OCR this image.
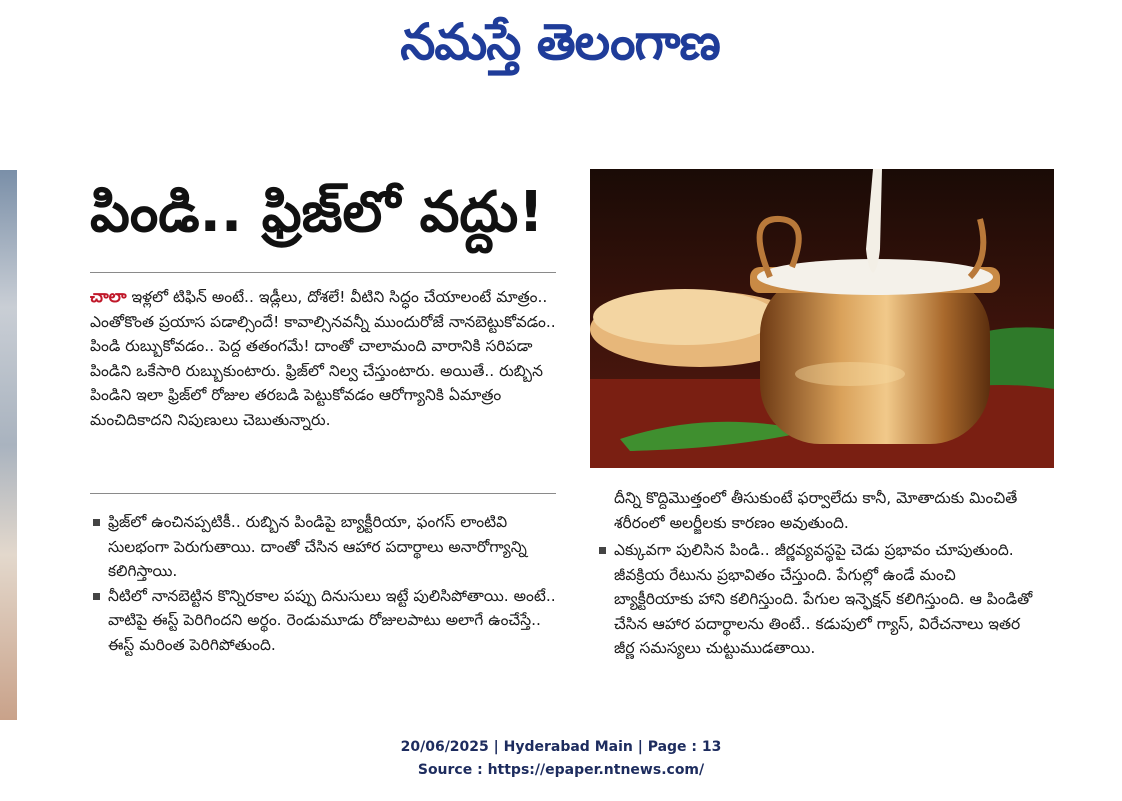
నమస్తే తెలంగాణ
పిండి.. ఫ్రిజ్‌లో వద్దు!
చాలా ఇళ్లలో టిఫిన్ అంటే.. ఇడ్లీలు, దోశలే! వీటిని సిద్ధం చేయాలంటే మాత్రం.. ఎంతోకొంత ప్రయాస పడాల్సిందే! కావాల్సినవన్నీ ముందురోజే నానబెట్టుకోవడం.. పిండి రుబ్బుకోవడం.. పెద్ద తతంగమే! దాంతో చాలామంది వారానికి సరిపడా పిండిని ఒకేసారి రుబ్బుకుంటారు. ఫ్రిజ్‌లో నిల్వ చేస్తుంటారు. అయితే.. రుబ్బిన పిండిని ఇలా ఫ్రిజ్‌లో రోజుల తరబడి పెట్టుకోవడం ఆరోగ్యానికి ఏమాత్రం మంచిదికాదని నిపుణులు చెబుతున్నారు.
ఫ్రిజ్‌లో ఉంచినప్పటికీ.. రుబ్బిన పిండిపై బ్యాక్టీరియా, ఫంగస్ లాంటివి సులభంగా పెరుగుతాయి. దాంతో చేసిన ఆహార పదార్థాలు అనారోగ్యాన్ని కలిగిస్తాయి.
నీటిలో నానబెట్టిన కొన్నిరకాల పప్పు దినుసులు ఇట్టే పులిసిపోతాయి. అంటే.. వాటిపై ఈస్ట్ పెరిగిందని అర్థం. రెండుమూడు రోజులపాటు అలాగే ఉంచేస్తే.. ఈస్ట్ మరింత పెరిగిపోతుంది.
దీన్ని కొద్దిమొత్తంలో తీసుకుంటే ఫర్వాలేదు కానీ, మోతాదుకు మించితే శరీరంలో అలర్జీలకు కారణం అవుతుంది.
ఎక్కువగా పులిసిన పిండి.. జీర్ణవ్యవస్థపై చెడు ప్రభావం చూపుతుంది. జీవక్రియ రేటును ప్రభావితం చేస్తుంది. పేగుల్లో ఉండే మంచి బ్యాక్టీరియాకు హాని కలిగిస్తుంది. పేగుల ఇన్ఫెక్షన్ కలిగిస్తుంది. ఆ పిండితో చేసిన ఆహార పదార్థాలను తింటే.. కడుపులో గ్యాస్, విరేచనాలు ఇతర జీర్ణ సమస్యలు చుట్టుముడతాయి.
20/06/2025 | Hyderabad Main | Page : 13
Source : https://epaper.ntnews.com/
